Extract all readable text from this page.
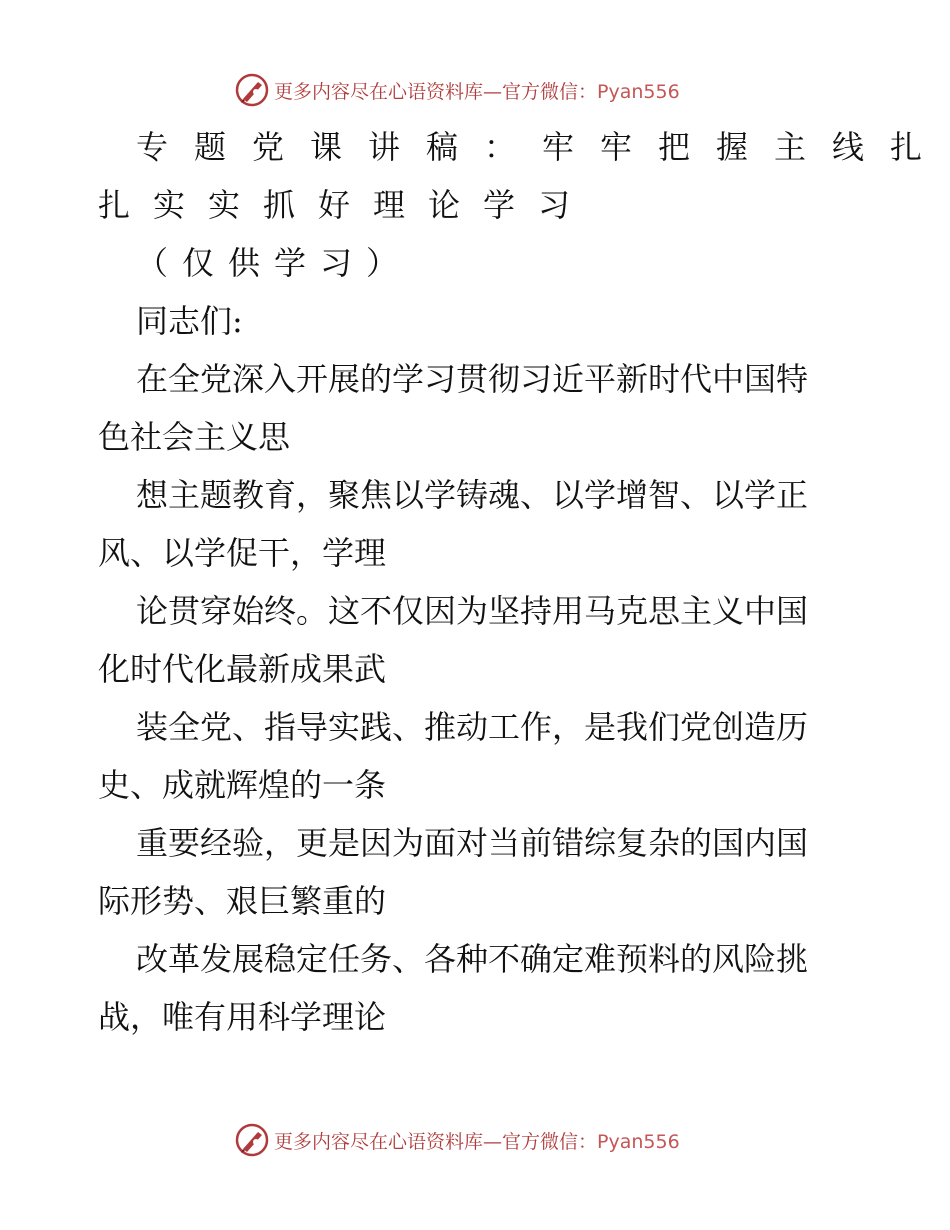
更多内容尽在心语资料库—官方微信：Pyan556
专题党课讲稿：牢牢把握主线扎
扎实实抓好理论学习
（仅供学习）
同志们:
在全党深入开展的学习贯彻习近平新时代中国特
色社会主义思
想主题教育，聚焦以学铸魂、以学增智、以学正
风、以学促干，学理
论贯穿始终。这不仅因为坚持用马克思主义中国
化时代化最新成果武
装全党、指导实践、推动工作，是我们党创造历
史、成就辉煌的一条
重要经验，更是因为面对当前错综复杂的国内国
际形势、艰巨繁重的
改革发展稳定任务、各种不确定难预料的风险挑
战，唯有用科学理论
更多内容尽在心语资料库—官方微信：Pyan556
